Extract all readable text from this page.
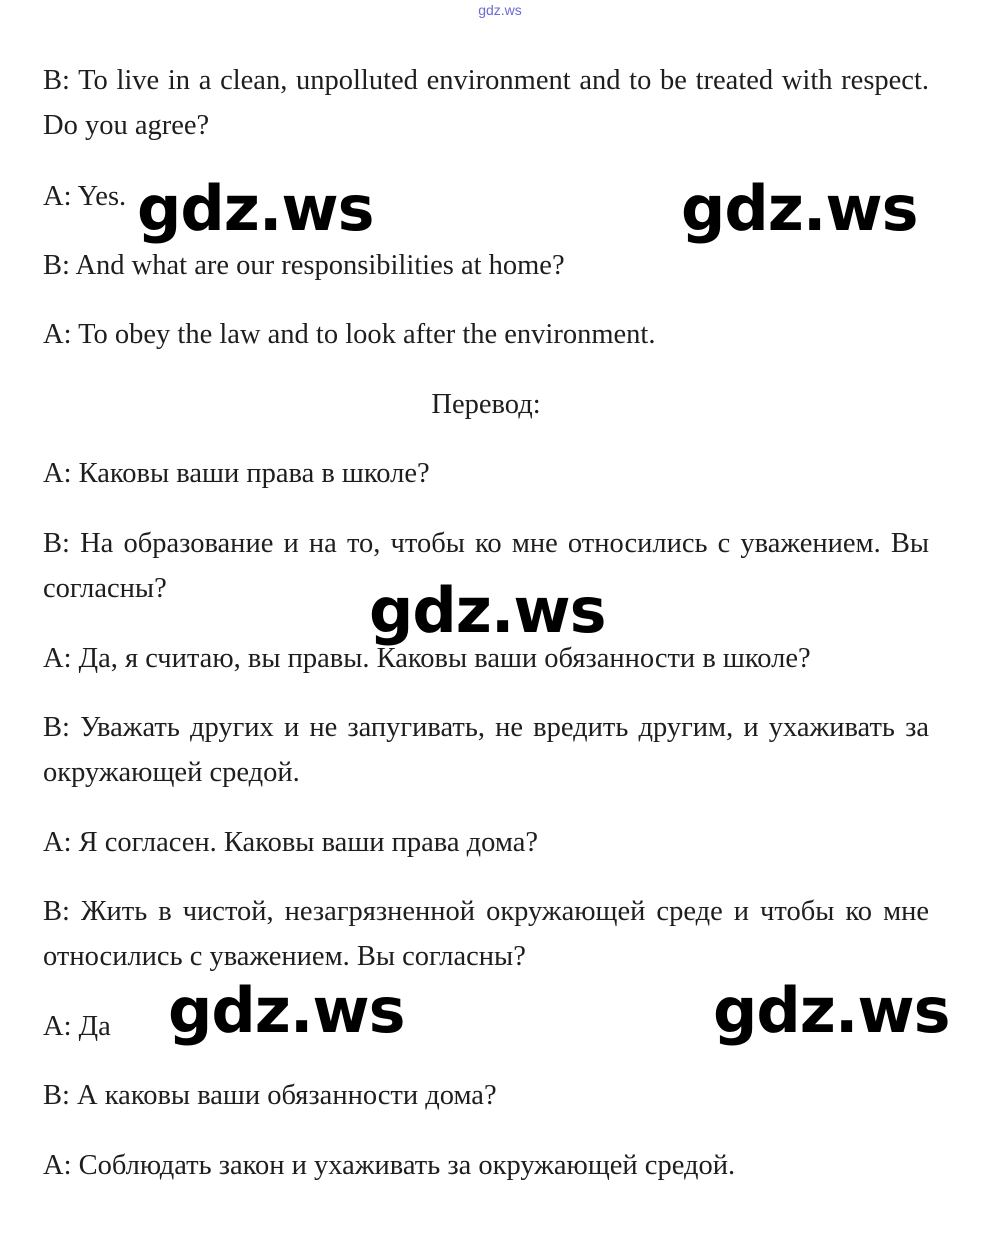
gdz.ws
B: To live in a clean, unpolluted environment and to be treated with respect. Do you agree?
A: Yes.
B: And what are our responsibilities at home?
A: To obey the law and to look after the environment.
Перевод:
A: Каковы ваши права в школе?
B: На образование и на то, чтобы ко мне относились с уважением. Вы согласны?
A: Да, я считаю, вы правы. Каковы ваши обязанности в школе?
B: Уважать других и не запугивать, не вредить другим, и ухаживать за окружающей средой.
A: Я согласен. Каковы ваши права дома?
B: Жить в чистой, незагрязненной окружающей среде и чтобы ко мне относились с уважением. Вы согласны?
A: Да
B: А каковы ваши обязанности дома?
A: Соблюдать закон и ухаживать за окружающей средой.
gdz.ws	gdz.ws
gdz.ws
gdz.ws	gdz.ws
